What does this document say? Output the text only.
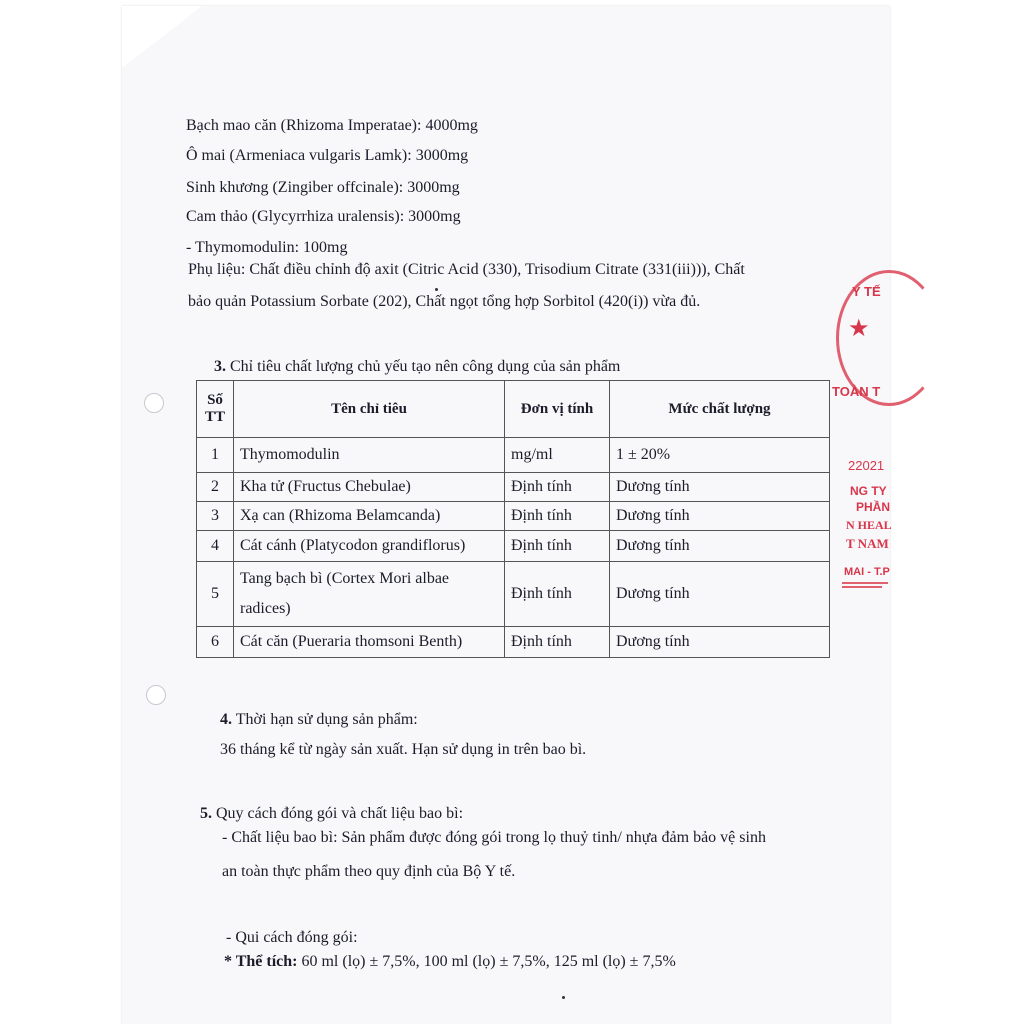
Bạch mao căn (Rhizoma Imperatae): 4000mg
Ô mai (Armeniaca vulgaris Lamk): 3000mg
Sinh khương (Zingiber offcinale): 3000mg
Cam thảo (Glycyrrhiza uralensis): 3000mg
- Thymomodulin: 100mg
Phụ liệu: Chất điều chỉnh độ axit (Citric Acid (330), Trisodium Citrate (331(iii))), Chất
bảo quản Potassium Sorbate (202), Chất ngọt tổng hợp Sorbitol (420(i)) vừa đủ.
3. Chỉ tiêu chất lượng chủ yếu tạo nên công dụng của sản phẩm
Số TT	Tên chỉ tiêu	Đơn vị tính	Mức chất lượng
1	Thymomodulin	mg/ml	1 ± 20%
2	Kha tử (Fructus Chebulae)	Định tính	Dương tính
3	Xạ can (Rhizoma Belamcanda)	Định tính	Dương tính
4	Cát cánh (Platycodon grandiflorus)	Định tính	Dương tính
5	Tang bạch bì (Cortex Mori albae radices)	Định tính	Dương tính
6	Cát căn (Pueraria thomsoni Benth)	Định tính	Dương tính
4. Thời hạn sử dụng sản phẩm:
36 tháng kể từ ngày sản xuất. Hạn sử dụng in trên bao bì.
5. Quy cách đóng gói và chất liệu bao bì:
- Chất liệu bao bì: Sản phẩm được đóng gói trong lọ thuỷ tinh/ nhựa đảm bảo vệ sinh
an toàn thực phẩm theo quy định của Bộ Y tế.
- Qui cách đóng gói:
* Thể tích: 60 ml (lọ) ± 7,5%, 100 ml (lọ) ± 7,5%, 125 ml (lọ) ± 7,5%
Y TẾ
★
TOÀN T
22021
NG TY
PHẦN
N HEAL
T NAM
MAI - T.P
